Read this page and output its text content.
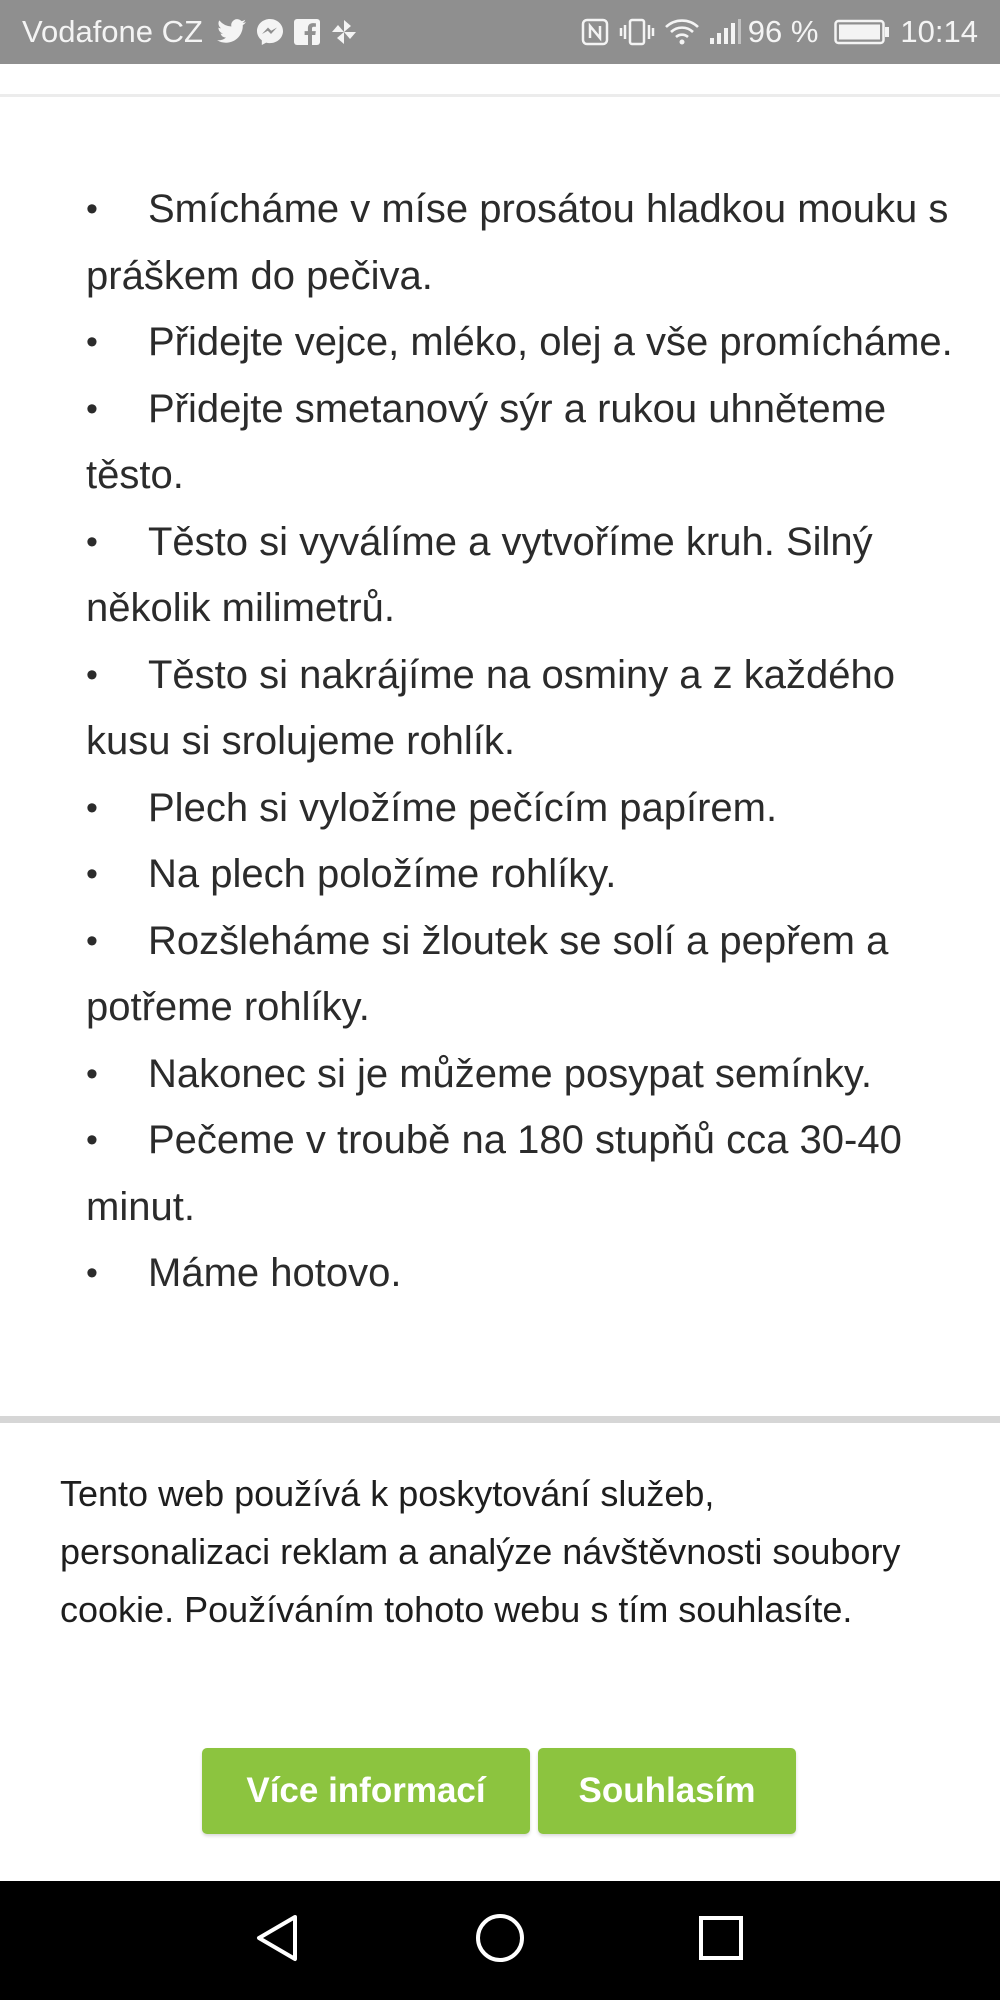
Vodafone CZ	96 %	10:14
• Smícháme v míse prosátou hladkou mouku s práškem do pečiva.
• Přidejte vejce, mléko, olej a vše promícháme.
• Přidejte smetanový sýr a rukou uhněteme těsto.
• Těsto si vyválíme a vytvoříme kruh. Silný několik milimetrů.
• Těsto si nakrájíme na osminy a z každého kusu si srolujeme rohlík.
• Plech si vyložíme pečícím papírem.
• Na plech položíme rohlíky.
• Rozšleháme si žloutek se solí a pepřem a potřeme rohlíky.
• Nakonec si je můžeme posypat semínky.
• Pečeme v troubě na 180 stupňů cca 30-40 minut.
• Máme hotovo.

Tento web používá k poskytování služeb, personalizaci reklam a analýze návštěvnosti soubory cookie. Používáním tohoto webu s tím souhlasíte.

Více informací	Souhlasím
